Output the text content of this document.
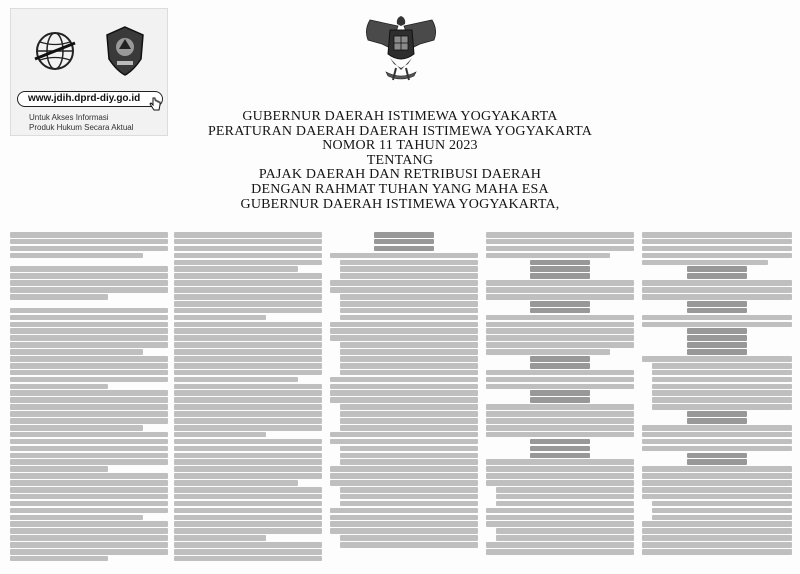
www.jdih.dprd-diy.go.id
Untuk Akses Informasi
Produk Hukum Secara Aktual
GUBERNUR DAERAH ISTIMEWA YOGYAKARTA
PERATURAN DAERAH DAERAH ISTIMEWA YOGYAKARTA
NOMOR 11 TAHUN 2023
TENTANG
PAJAK DAERAH DAN RETRIBUSI DAERAH
DENGAN RAHMAT TUHAN YANG MAHA ESA
GUBERNUR DAERAH ISTIMEWA YOGYAKARTA,
